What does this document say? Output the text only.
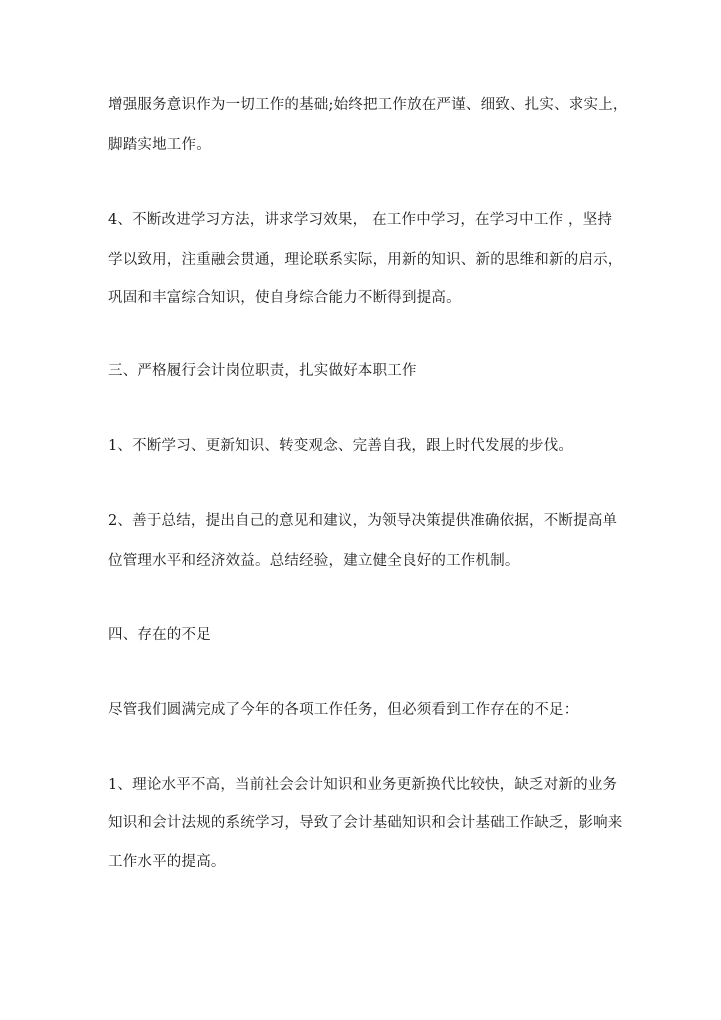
增强服务意识作为一切工作的基础;始终把工作放在严谨、细致、扎实、求实上，
脚踏实地工作。
4、不断改进学习方法，讲求学习效果， 在工作中学习，在学习中工作 ，坚持
学以致用，注重融会贯通，理论联系实际，用新的知识、新的思维和新的启示，
巩固和丰富综合知识，使自身综合能力不断得到提高。
三、严格履行会计岗位职责，扎实做好本职工作
1、不断学习、更新知识、转变观念、完善自我，跟上时代发展的步伐。
2、善于总结，提出自己的意见和建议，为领导决策提供准确依据，不断提高单
位管理水平和经济效益。总结经验，建立健全良好的工作机制。
四、存在的不足
尽管我们圆满完成了今年的各项工作任务，但必须看到工作存在的不足：
1、理论水平不高，当前社会会计知识和业务更新换代比较快，缺乏对新的业务
知识和会计法规的系统学习，导致了会计基础知识和会计基础工作缺乏，影响来
工作水平的提高。
